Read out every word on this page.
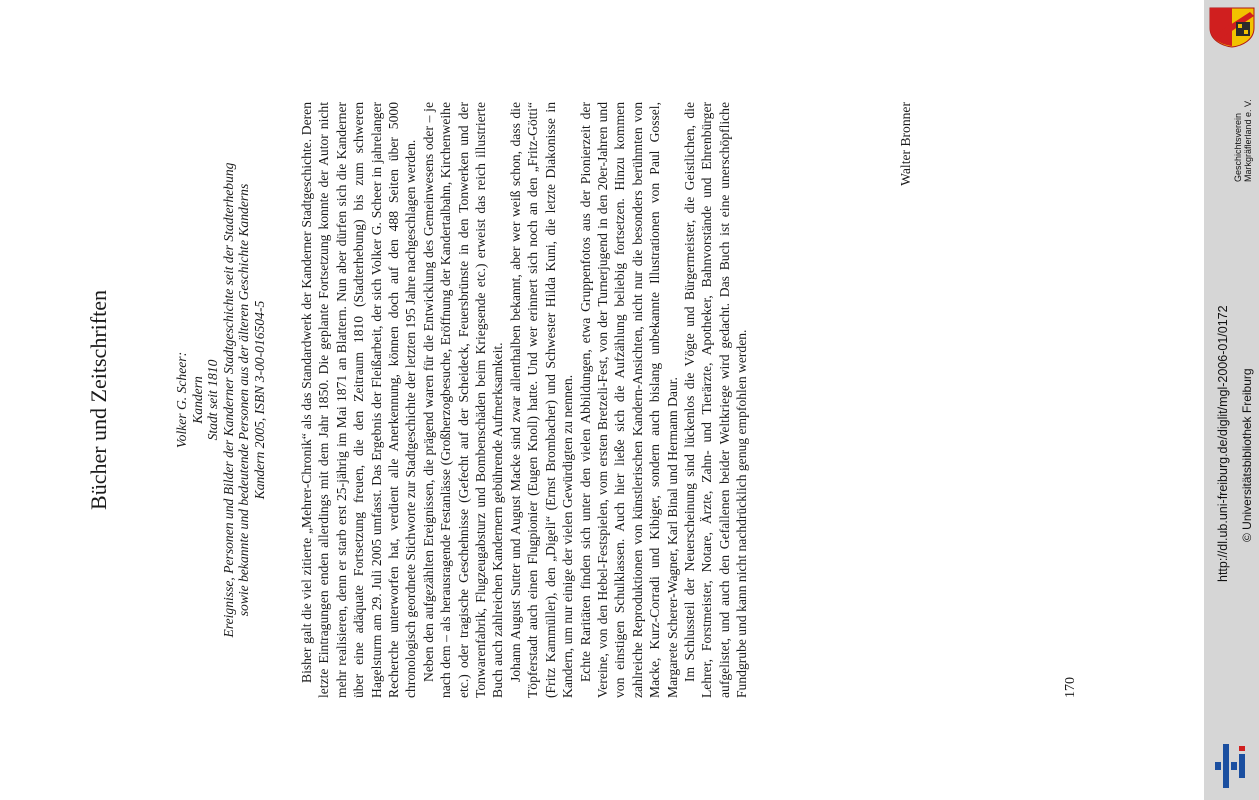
Bücher und Zeitschriften	Volker G. Scheer: Kandern Stadt seit 1810 Ereignisse, Personen und Bilder der Kanderner Stadtgeschichte seit der Stadterhebung sowie bekannte und bedeutende Personen aus der älteren Geschichte Kanderns Kandern 2005, ISBN 3-00-016504-5 Bisher galt die viel zitierte „Mehrer-Chronik“ als das Standardwerk der Kanderner Stadtgeschichte. Deren letzte Eintragungen enden allerdings mit dem Jahr 1850. Die geplante Fortsetzung konnte der Autor nicht mehr realisieren, denn er starb erst 25-jährig im Mai 1871 an Blattern. Nun aber dürfen sich die Kanderner über eine adäquate Fortsetzung freuen, die den Zeitraum 1810 (Stadterhebung) bis zum schweren Hagelsturm am 29. Juli 2005 umfasst. Das Ergebnis der Fleißarbeit, der sich Volker G. Scheer in jahrelanger Recherche unterworfen hat, verdient alle Anerkennung, können doch auf den 488 Seiten über 5000 chronologisch geordnete Stichworte zur Stadtgeschichte der letzten 195 Jahre nachgeschlagen werden. Neben den aufgezählten Ereignissen, die prägend waren für die Entwicklung des Gemeinwesens oder – je nach dem – als herausragende Festanlässe (Großherzogbesuche, Eröffnung der Kandertalbahn, Kirchenweihe etc.) oder tragische Geschehnisse (Gefecht auf der Scheideck, Feuersbrünste in den Tonwerken und der Tonwarenfabrik, Flugzeugabsturz und Bombenschäden beim Kriegsende etc.) erweist das reich illustrierte Buch auch zahlreichen Kandernern gebührende Aufmerksamkeit. Johann August Sutter und August Macke sind zwar allenthalben bekannt, aber wer weiß schon, dass die Töpferstadt auch einen Flugpionier (Eugen Knoll) hatte. Und wer erinnert sich noch an den „Fritz-Götti“ (Fritz Kammüller), den „Digeli“ (Ernst Brombacher) und Schwester Hilda Kuni, die letzte Diakonisse in Kandern, um nur einige der vielen Gewürdigten zu nennen. Echte Raritäten finden sich unter den vielen Abbildungen, etwa Gruppenfotos aus der Pionierzeit der Vereine, von den Hebel-Festspielen, vom ersten Bretzeli-Fest, von der Turnerjugend in den 20er-Jahren und von einstigen Schulklassen. Auch hier ließe sich die Aufzählung beliebig fortsetzen. Hinzu kommen zahlreiche Reproduktionen von künstlerischen Kandern-Ansichten, nicht nur die besonders berühmten von Macke, Kurz-Corradi und Kibiger, sondern auch bislang unbekannte Illustrationen von Paul Gossel, Margarete Scherer-Wagner, Karl Binal und Hermann Daur. Im Schlussteil der Neuerscheinung sind lückenlos die Vögte und Bürgermeister, die Geistlichen, die Lehrer, Forstmeister, Notare, Ärzte, Zahn- und Tierärzte, Apotheker, Bahnvorstände und Ehrenbürger aufgelistet, und auch den Gefallenen beider Weltkriege wird gedacht. Das Buch ist eine unerschöpfliche Fundgrube und kann nicht nachdrücklich genug empfohlen werden.

Walter Bronner
170
Geschichtsverein Markgräflerland e. V.
http://dl.ub.uni-freiburg.de/diglit/mgl-2006-01/0172 © Universitätsbibliothek Freiburg
